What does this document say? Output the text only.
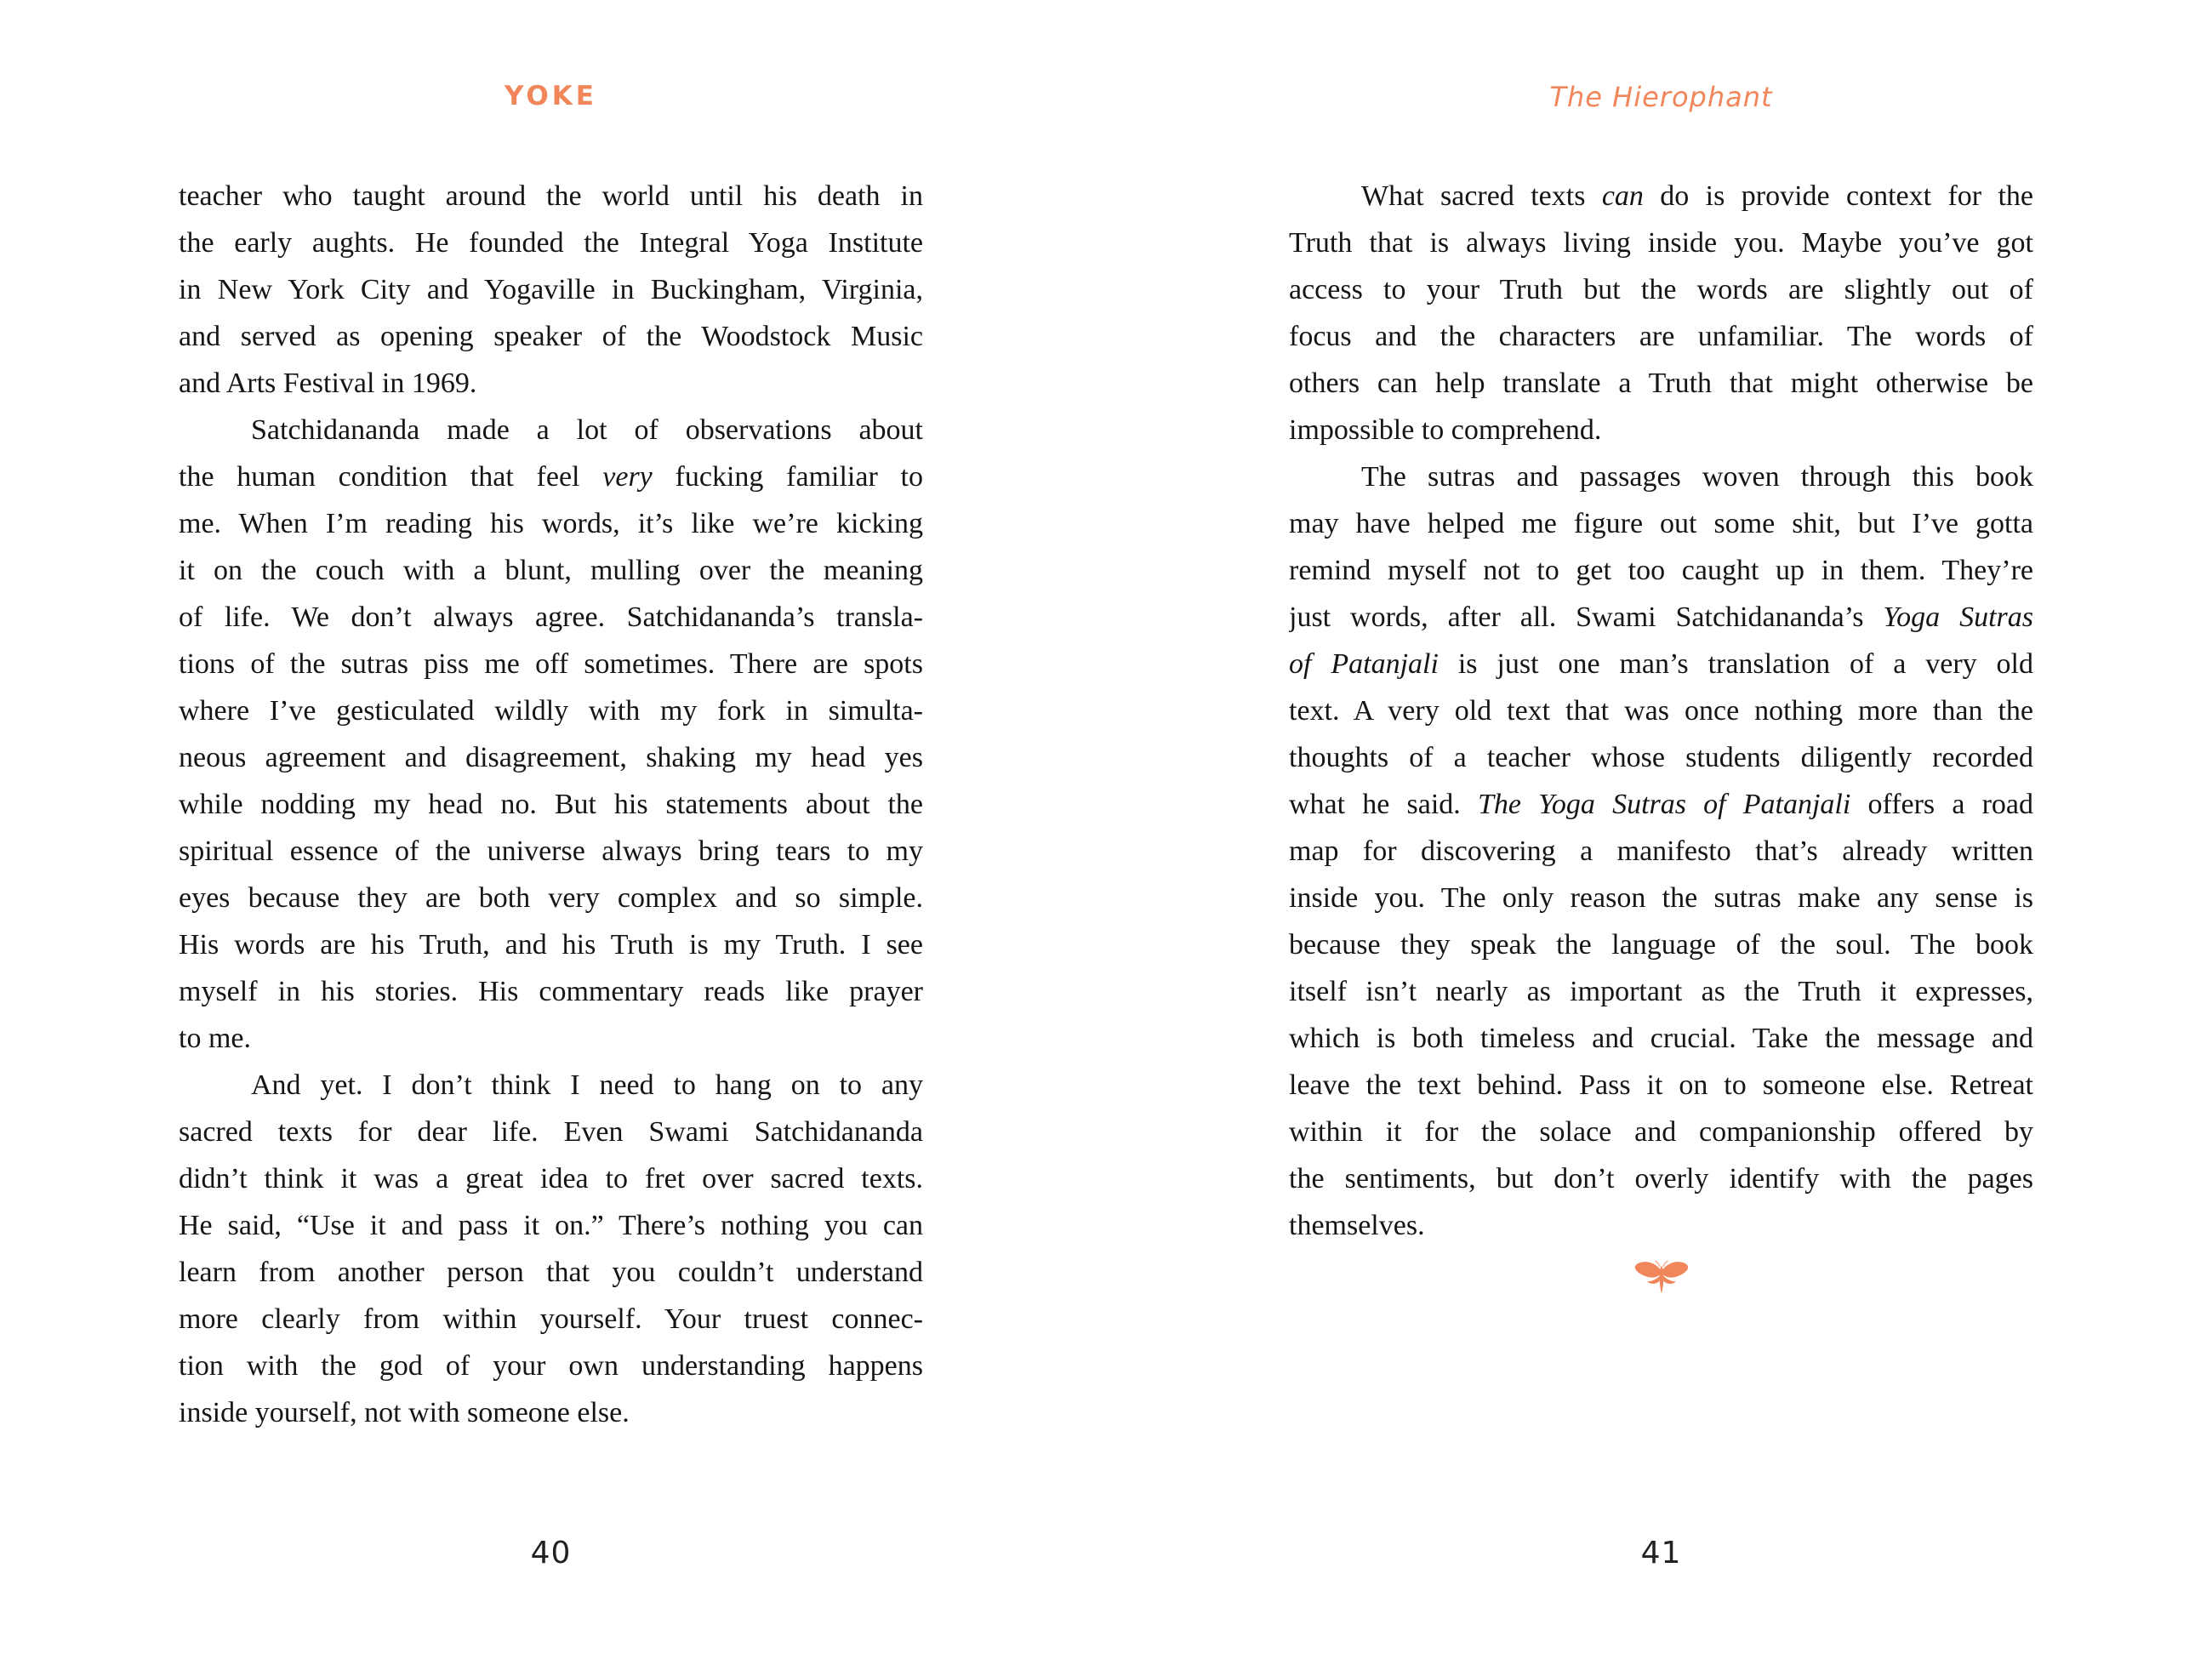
YOKE
teacher who taught around the world until his death in
the early aughts. He founded the Integral Yoga Institute
in New York City and Yogaville in Buckingham, Virginia,
and served as opening speaker of the Woodstock Music
and Arts Festival in 1969.
Satchidananda made a lot of observations about
the human condition that feel very fucking familiar to
me. When I’m reading his words, it’s like we’re kicking
it on the couch with a blunt, mulling over the meaning
of life. We don’t always agree. Satchidananda’s transla-
tions of the sutras piss me off sometimes. There are spots
where I’ve gesticulated wildly with my fork in simulta-
neous agreement and disagreement, shaking my head yes
while nodding my head no. But his statements about the
spiritual essence of the universe always bring tears to my
eyes because they are both very complex and so simple.
His words are his Truth, and his Truth is my Truth. I see
myself in his stories. His commentary reads like prayer
to me.
And yet. I don’t think I need to hang on to any
sacred texts for dear life. Even Swami Satchidananda
didn’t think it was a great idea to fret over sacred texts.
He said, “Use it and pass it on.” There’s nothing you can
learn from another person that you couldn’t understand
more clearly from within yourself. Your truest connec-
tion with the god of your own understanding happens
inside yourself, not with someone else.
40
The Hierophant
What sacred texts can do is provide context for the
Truth that is always living inside you. Maybe you’ve got
access to your Truth but the words are slightly out of
focus and the characters are unfamiliar. The words of
others can help translate a Truth that might otherwise be
impossible to comprehend.
The sutras and passages woven through this book
may have helped me figure out some shit, but I’ve gotta
remind myself not to get too caught up in them. They’re
just words, after all. Swami Satchidananda’s Yoga Sutras
of Patanjali is just one man’s translation of a very old
text. A very old text that was once nothing more than the
thoughts of a teacher whose students diligently recorded
what he said. The Yoga Sutras of Patanjali offers a road
map for discovering a manifesto that’s already written
inside you. The only reason the sutras make any sense is
because they speak the language of the soul. The book
itself isn’t nearly as important as the Truth it expresses,
which is both timeless and crucial. Take the message and
leave the text behind. Pass it on to someone else. Retreat
within it for the solace and companionship offered by
the sentiments, but don’t overly identify with the pages
themselves.
41
